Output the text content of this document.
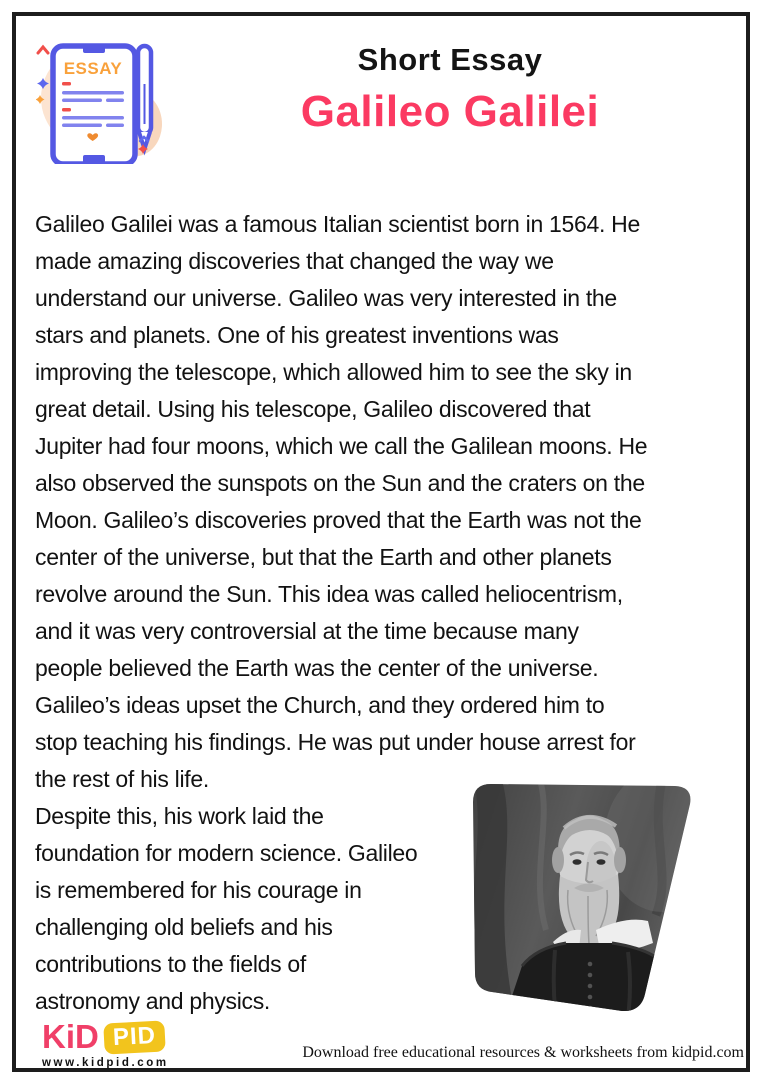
ESSAY	Short Essay
Galileo Galilei
Galileo Galilei was a famous Italian scientist born in 1564. He
made amazing discoveries that changed the way we
understand our universe. Galileo was very interested in the
stars and planets. One of his greatest inventions was
improving the telescope, which allowed him to see the sky in
great detail. Using his telescope, Galileo discovered that
Jupiter had four moons, which we call the Galilean moons. He
also observed the sunspots on the Sun and the craters on the
Moon. Galileo’s discoveries proved that the Earth was not the
center of the universe, but that the Earth and other planets
revolve around the Sun. This idea was called heliocentrism,
and it was very controversial at the time because many
people believed the Earth was the center of the universe.
Galileo’s ideas upset the Church, and they ordered him to
stop teaching his findings. He was put under house arrest for
the rest of his life.
Despite this, his work laid the
foundation for modern science. Galileo
is remembered for his courage in
challenging old beliefs and his
contributions to the fields of
astronomy and physics.
KiD PID
www.kidpid.com
Download free educational resources & worksheets from kidpid.com
